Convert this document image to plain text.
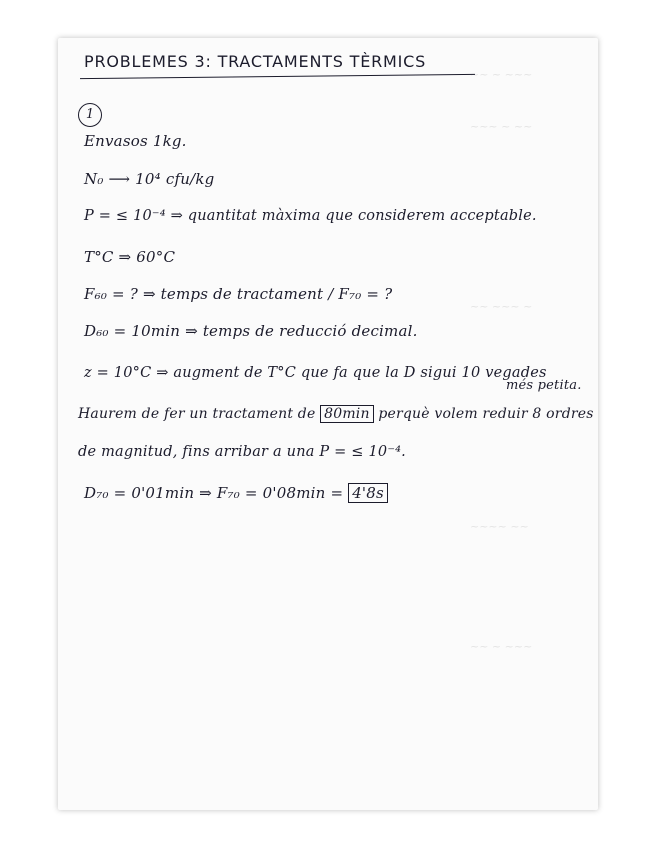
~~ ~ ~~~
~~~ ~ ~~
~~ ~~~ ~
~~~~ ~~
~~ ~ ~~~
PROBLEMES 3: TRACTAMENTS TÈRMICS
1
Envasos 1kg.
N₀ ⟶ 10⁴ cfu/kg
P = ≤ 10⁻⁴ ⇒ quantitat màxima que considerem acceptable.
T°C ⇒ 60°C
F₆₀ = ? ⇒ temps de tractament / F₇₀ = ?
D₆₀ = 10min ⇒ temps de reducció decimal.
z = 10°C ⇒ augment de T°C que fa que la D sigui 10 vegades
més petita.
Haurem de fer un tractament de 80min perquè volem reduir 8 ordres
de magnitud, fins arribar a una P = ≤ 10⁻⁴.
D₇₀ = 0'01min ⇒ F₇₀ = 0'08min = 4'8s
